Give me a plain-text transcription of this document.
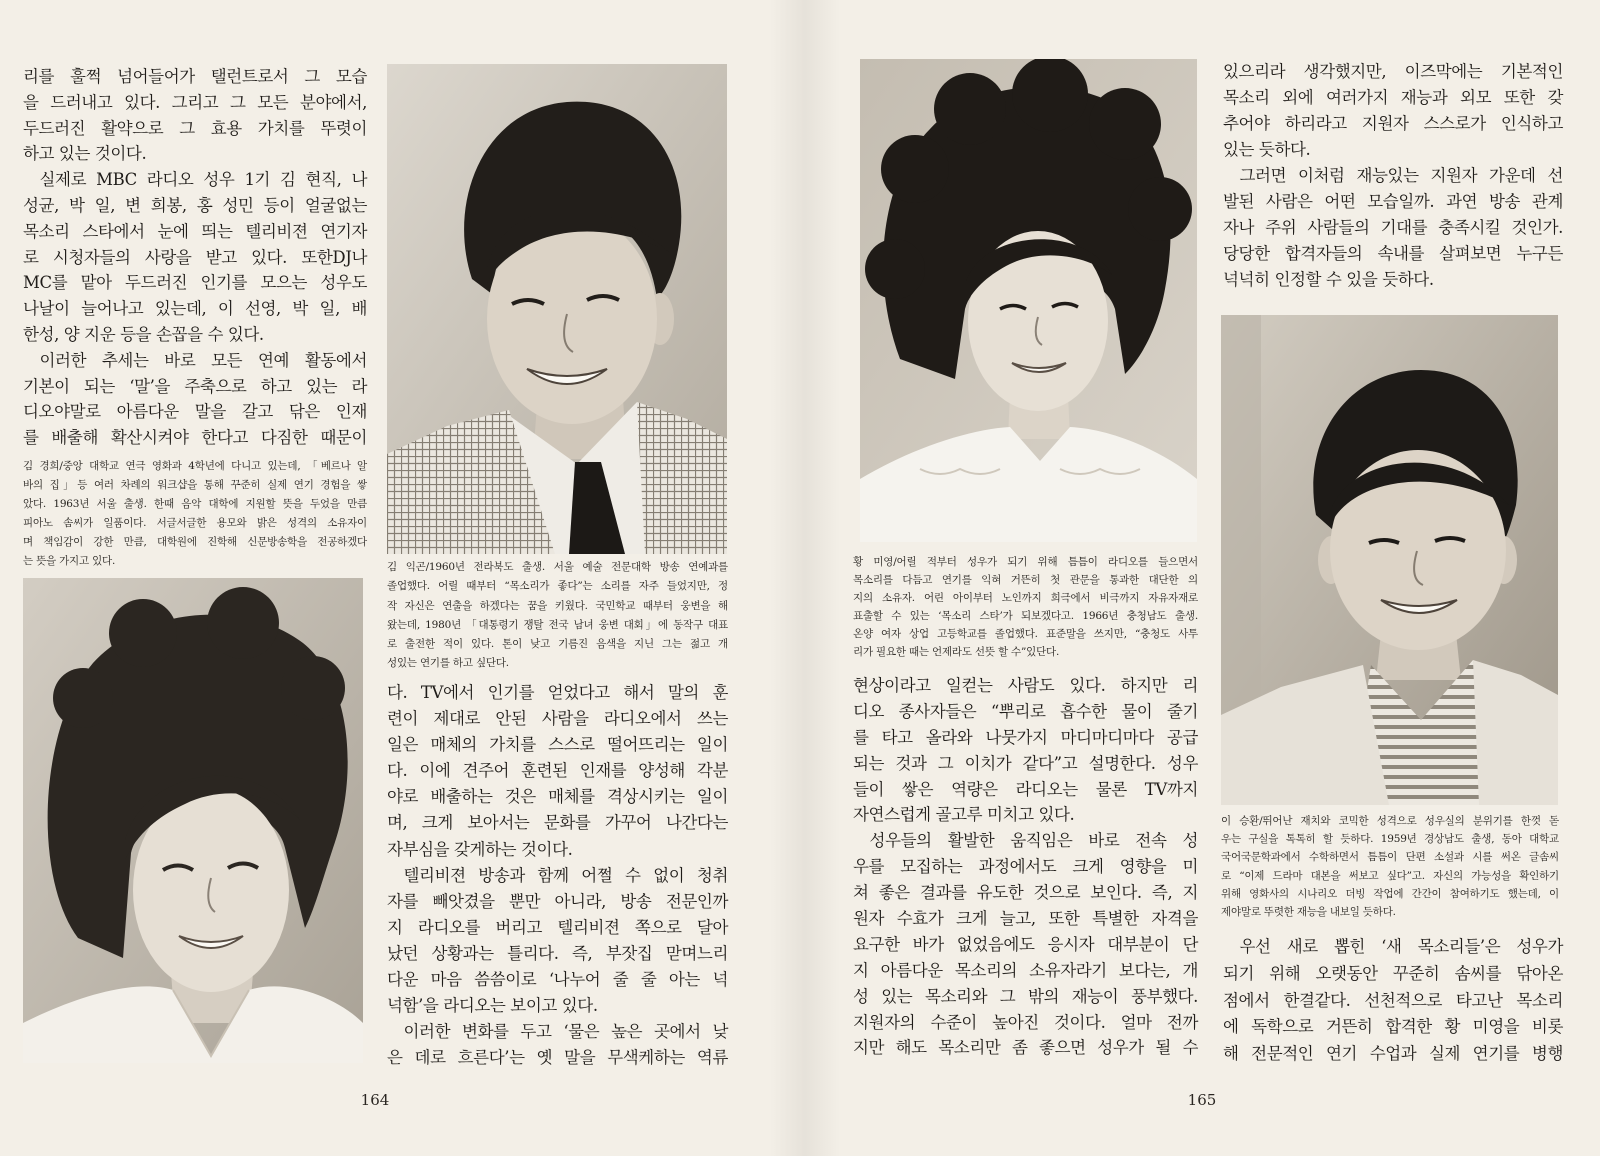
리를 훌쩍 넘어들어가 탤런트로서 그 모습
을 드러내고 있다. 그리고 그 모든 분야에서,
두드러진 활약으로 그 효용 가치를 뚜렷이
하고 있는 것이다.
실제로 MBC 라디오 성우 1기 김 현직, 나
성균, 박 일, 변 희봉, 홍 성민 등이 얼굴없는
목소리 스타에서 눈에 띄는 텔리비젼 연기자
로 시청자들의 사랑을 받고 있다. 또한DJ나
MC를 맡아 두드러진 인기를 모으는 성우도
나날이 늘어나고 있는데, 이 선영, 박 일, 배
한성, 양 지운 등을 손꼽을 수 있다.
이러한 추세는 바로 모든 연예 활동에서
기본이 되는 ‘말’을 주축으로 하고 있는 라
디오야말로 아름다운 말을 갈고 닦은 인재
를 배출해 확산시켜야 한다고 다짐한 때문이
김 경희/중앙 대학교 연극 영화과 4학년에 다니고 있는데, 「베르나 알
바의 집」등 여러 차례의 워크샵을 통해 꾸준히 실제 연기 경험을 쌓
았다. 1963년 서울 출생. 한때 음악 대학에 지원할 뜻을 두었을 만큼
피아노 솜씨가 일품이다. 서글서글한 용모와 밝은 성격의 소유자이
며 책임감이 강한 만큼, 대학원에 진학해 신문방송학을 전공하겠다
는 뜻을 가지고 있다.	김 익곤/1960년 전라북도 출생. 서울 예술 전문대학 방송 연예과를
졸업했다. 어릴 때부터 “목소리가 좋다”는 소리를 자주 들었지만, 정
작 자신은 연출을 하겠다는 꿈을 키웠다. 국민학교 때부터 웅변을 해
왔는데, 1980년 「대통령기 쟁탈 전국 남녀 웅변 대회」에 동작구 대표
로 출전한 적이 있다. 톤이 낮고 기름진 음색을 지닌 그는 젊고 개
성있는 연기를 하고 싶단다.
다. TV에서 인기를 얻었다고 해서 말의 훈
련이 제대로 안된 사람을 라디오에서 쓰는
일은 매체의 가치를 스스로 떨어뜨리는 일이
다. 이에 견주어 훈련된 인재를 양성해 각분
야로 배출하는 것은 매체를 격상시키는 일이
며, 크게 보아서는 문화를 가꾸어 나간다는
자부심을 갖게하는 것이다.
텔리비젼 방송과 함께 어쩔 수 없이 청취
자를 빼앗겼을 뿐만 아니라, 방송 전문인까
지 라디오를 버리고 텔리비젼 쪽으로 달아
났던 상황과는 틀리다. 즉, 부잣집 맏며느리
다운 마음 씀씀이로 ‘나누어 줄 줄 아는 넉
넉함’을 라디오는 보이고 있다.
이러한 변화를 두고 ‘물은 높은 곳에서 낮
은 데로 흐른다’는 옛 말을 무색케하는 역류
164
황 미영/어릴 적부터 성우가 되기 위해 틈틈이 라디오를 들으면서
목소리를 다듬고 연기를 익혀 거뜬히 첫 관문을 통과한 대단한 의
지의 소유자. 어린 아이부터 노인까지 희극에서 비극까지 자유자재로
표출할 수 있는 ‘목소리 스타’가 되보겠다고. 1966년 충청남도 출생.
온양 여자 상업 고등학교를 졸업했다. 표준말을 쓰지만, “충청도 사투
리가 필요한 때는 언제라도 선뜻 할 수”있단다.
현상이라고 일컫는 사람도 있다. 하지만 리
디오 종사자들은 “뿌리로 흡수한 물이 줄기
를 타고 올라와 나뭇가지 마디마디마다 공급
되는 것과 그 이치가 같다”고 설명한다. 성우
들이 쌓은 역량은 라디오는 물론 TV까지
자연스럽게 골고루 미치고 있다.
성우들의 활발한 움직임은 바로 전속 성
우를 모집하는 과정에서도 크게 영향을 미
쳐 좋은 결과를 유도한 것으로 보인다. 즉, 지
원자 수효가 크게 늘고, 또한 특별한 자격을
요구한 바가 없었음에도 응시자 대부분이 단
지 아름다운 목소리의 소유자라기 보다는, 개
성 있는 목소리와 그 밖의 재능이 풍부했다.
지원자의 수준이 높아진 것이다. 얼마 전까
지만 해도 목소리만 좀 좋으면 성우가 될 수
있으리라 생각했지만, 이즈막에는 기본적인
목소리 외에 여러가지 재능과 외모 또한 갖
추어야 하리라고 지원자 스스로가 인식하고
있는 듯하다.
그러면 이처럼 재능있는 지원자 가운데 선
발된 사람은 어떤 모습일까. 과연 방송 관계
자나 주위 사람들의 기대를 충족시킬 것인가.
당당한 합격자들의 속내를 살펴보면 누구든
넉넉히 인정할 수 있을 듯하다.
이 승환/뛰어난 재치와 코믹한 성격으로 성우실의 분위기를 한껏 돋
우는 구실을 톡톡히 할 듯하다. 1959년 경상남도 출생, 동아 대학교
국어국문학과에서 수학하면서 틈틈이 단편 소설과 시를 써온 글솜씨
로 “이제 드라마 대본을 써보고 싶다”고. 자신의 가능성을 확인하기
위해 영화사의 시나리오 더빙 작업에 간간이 참여하기도 했는데, 이
제야말로 뚜렷한 재능을 내보일 듯하다.
우선 새로 뽑힌 ‘새 목소리들’은 성우가
되기 위해 오랫동안 꾸준히 솜씨를 닦아온
점에서 한결같다. 선천적으로 타고난 목소리
에 독학으로 거뜬히 합격한 황 미영을 비롯
해 전문적인 연기 수업과 실제 연기를 병행
165
